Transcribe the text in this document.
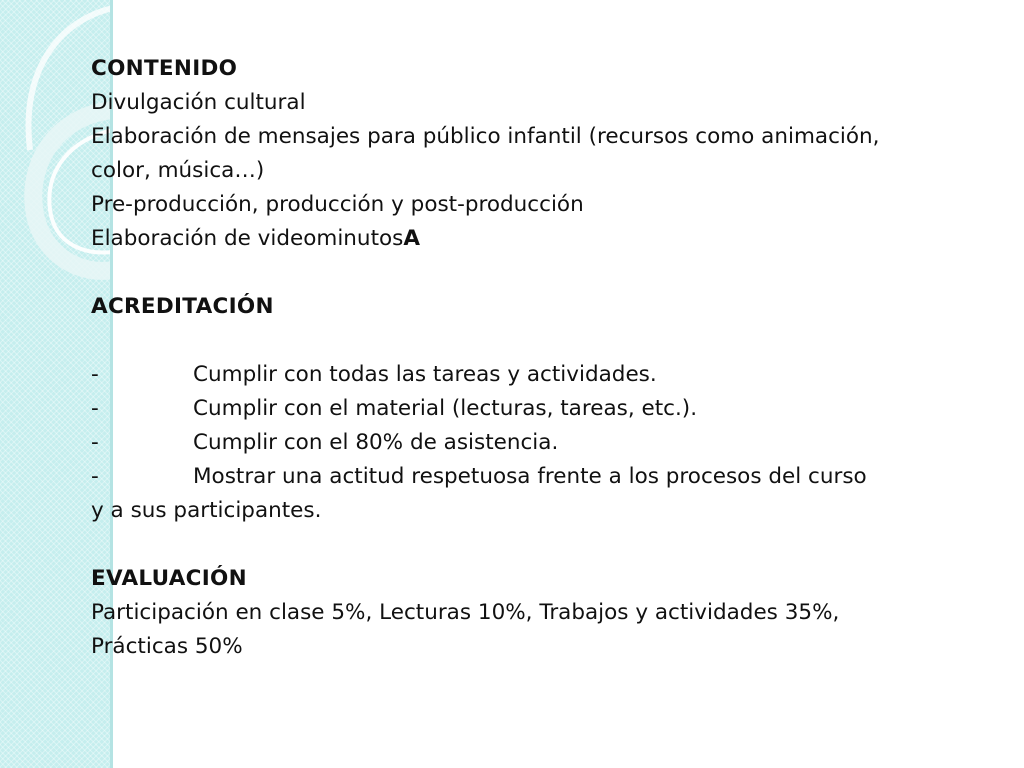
CONTENIDO
Divulgación cultural
Elaboración de mensajes para público infantil (recursos como animación,
color, música…)
Pre-producción, producción y post-producción
Elaboración de videominutosA
ACREDITACIÓN
-	Cumplir con todas las tareas y actividades.
-	Cumplir con el material (lecturas, tareas, etc.).
-	Cumplir con el 80% de asistencia.
-	Mostrar una actitud respetuosa frente a los procesos del curso
y a sus participantes.
EVALUACIÓN
Participación en clase 5%, Lecturas 10%, Trabajos y actividades 35%,
Prácticas 50%
